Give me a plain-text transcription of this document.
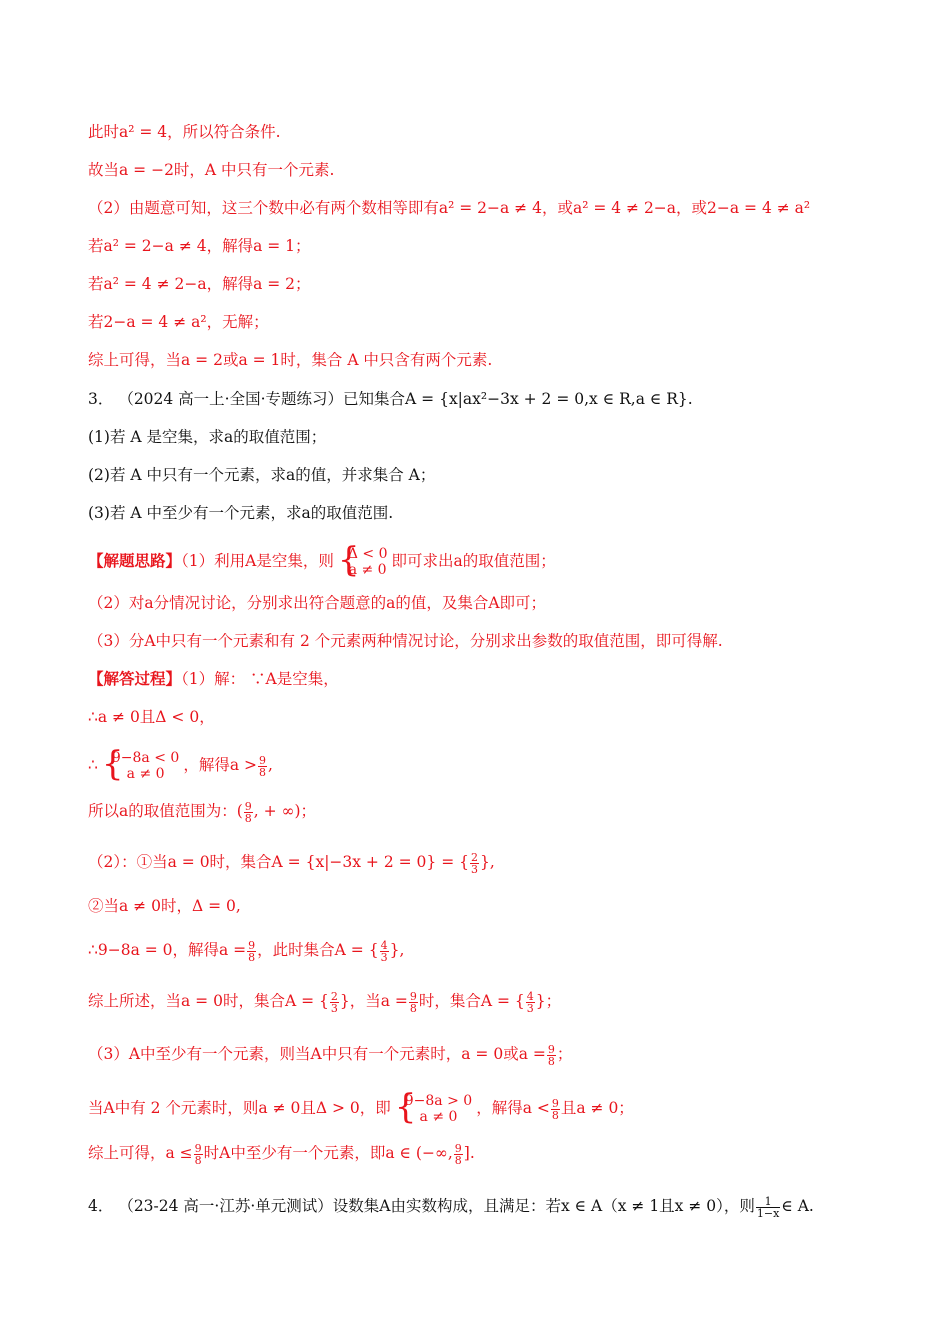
此时a² = 4，所以符合条件.
故当a = −2时，A 中只有一个元素.
（2）由题意可知，这三个数中必有两个数相等即有a² = 2−a ≠ 4，或a² = 4 ≠ 2−a，或2−a = 4 ≠ a²
若a² = 2−a ≠ 4，解得a = 1；
若a² = 4 ≠ 2−a，解得a = 2；
若2−a = 4 ≠ a²，无解；
综上可得，当a = 2或a = 1时，集合 A 中只含有两个元素.
3． （2024 高一上·全国·专题练习）已知集合A = {x|ax²−3x + 2 = 0,x ∈ R,a ∈ R}.
(1)若 A 是空集，求a的取值范围；
(2)若 A 中只有一个元素，求a的值，并求集合 A；
(3)若 A 中至少有一个元素，求a的取值范围.
【解题思路】（1）利用A是空集，则 {
Δ < 0
a ≠ 0 即可求出a的取值范围；
（2）对a分情况讨论，分别求出符合题意的a的值，及集合A即可；
（3）分A中只有一个元素和有 2 个元素两种情况讨论，分别求出参数的取值范围，即可得解.
【解答过程】（1）解： ∵A是空集，
∴a ≠ 0且Δ < 0，
∴ {
9−8a < 0
a ≠ 0	，解得$a > \frac{9}{8}$ ,
所以a的取值范围为：( $\frac{9}{8}$ , + ∞)；
（2）：①当a = 0时，集合A = {x|−3x + 2 = 0} = { $\frac{2}{3}$ },
②当a ≠ 0时，Δ = 0,
∴9−8a = 0，解得$a = \frac{9}{8}$ ，此时集合A = { $\frac{4}{3}$ },
综上所述，当a = 0时，集合A = { $\frac{2}{3}$ }，当$a = \frac{9}{8}$ 时，集合A = { $\frac{4}{3}$ }；
（3）A中至少有一个元素，则当A中只有一个元素时，a = 0或$a = \frac{9}{8}$ ；
当A中有 2 个元素时，则a ≠ 0且Δ > 0，即 {
9−8a > 0
a ≠ 0	，解得$a < \frac{9}{8}$ 且a ≠ 0；
综上可得，$a \le \frac{9}{8}$ 时A中至少有一个元素，即a ∈ (−∞, $\frac{9}{8}$ ].
4． （23-24 高一·江苏·单元测试）设数集A由实数构成，且满足：若x ∈ A（x ≠ 1且x ≠ 0），则 $\frac{1}{1-x}$ ∈ A.
